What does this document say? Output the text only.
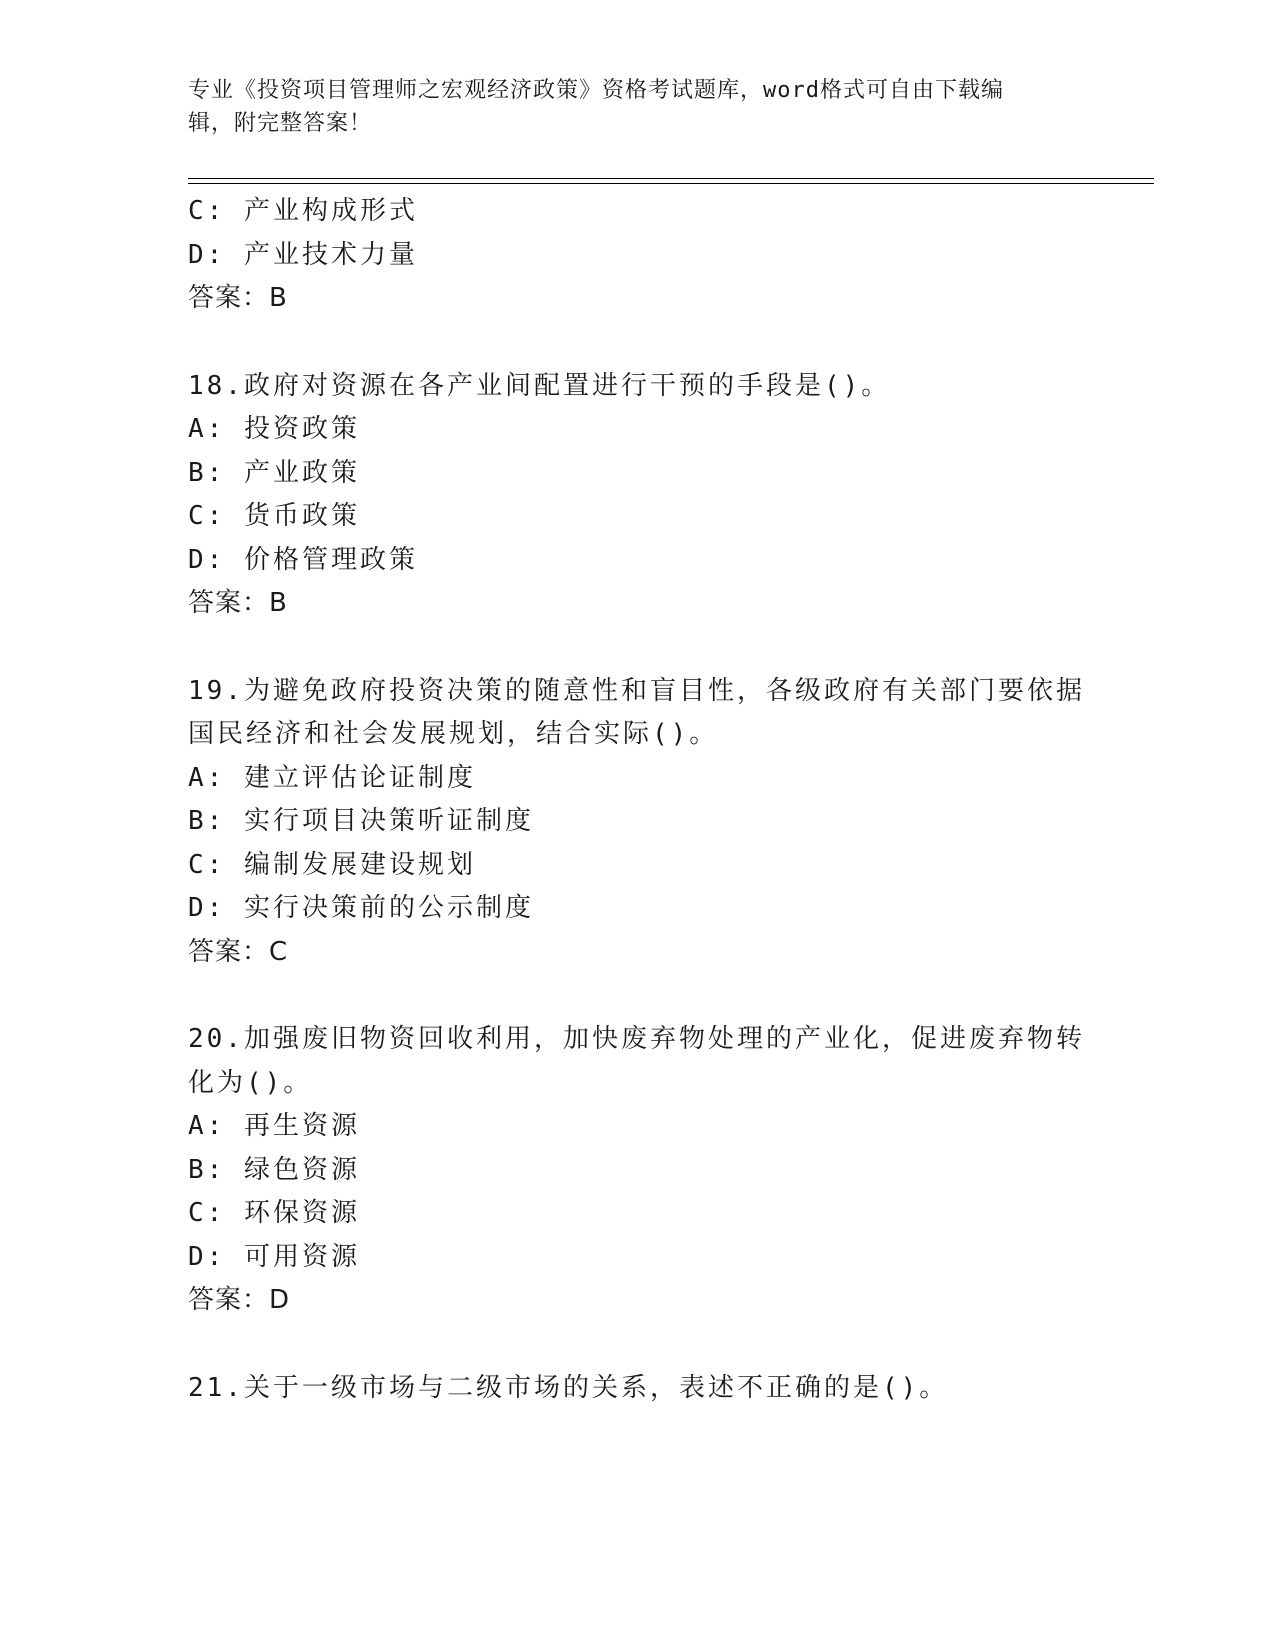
专业《投资项目管理师之宏观经济政策》资格考试题库，word格式可自由下载编
辑，附完整答案！
C: 产业构成形式
D: 产业技术力量
答案：B
18.政府对资源在各产业间配置进行干预的手段是()。
A: 投资政策
B: 产业政策
C: 货币政策
D: 价格管理政策
答案：B
19.为避免政府投资决策的随意性和盲目性，各级政府有关部门要依据
国民经济和社会发展规划，结合实际()。
A: 建立评估论证制度
B: 实行项目决策听证制度
C: 编制发展建设规划
D: 实行决策前的公示制度
答案：C
20.加强废旧物资回收利用，加快废弃物处理的产业化，促进废弃物转
化为()。
A: 再生资源
B: 绿色资源
C: 环保资源
D: 可用资源
答案：D
21.关于一级市场与二级市场的关系，表述不正确的是()。
